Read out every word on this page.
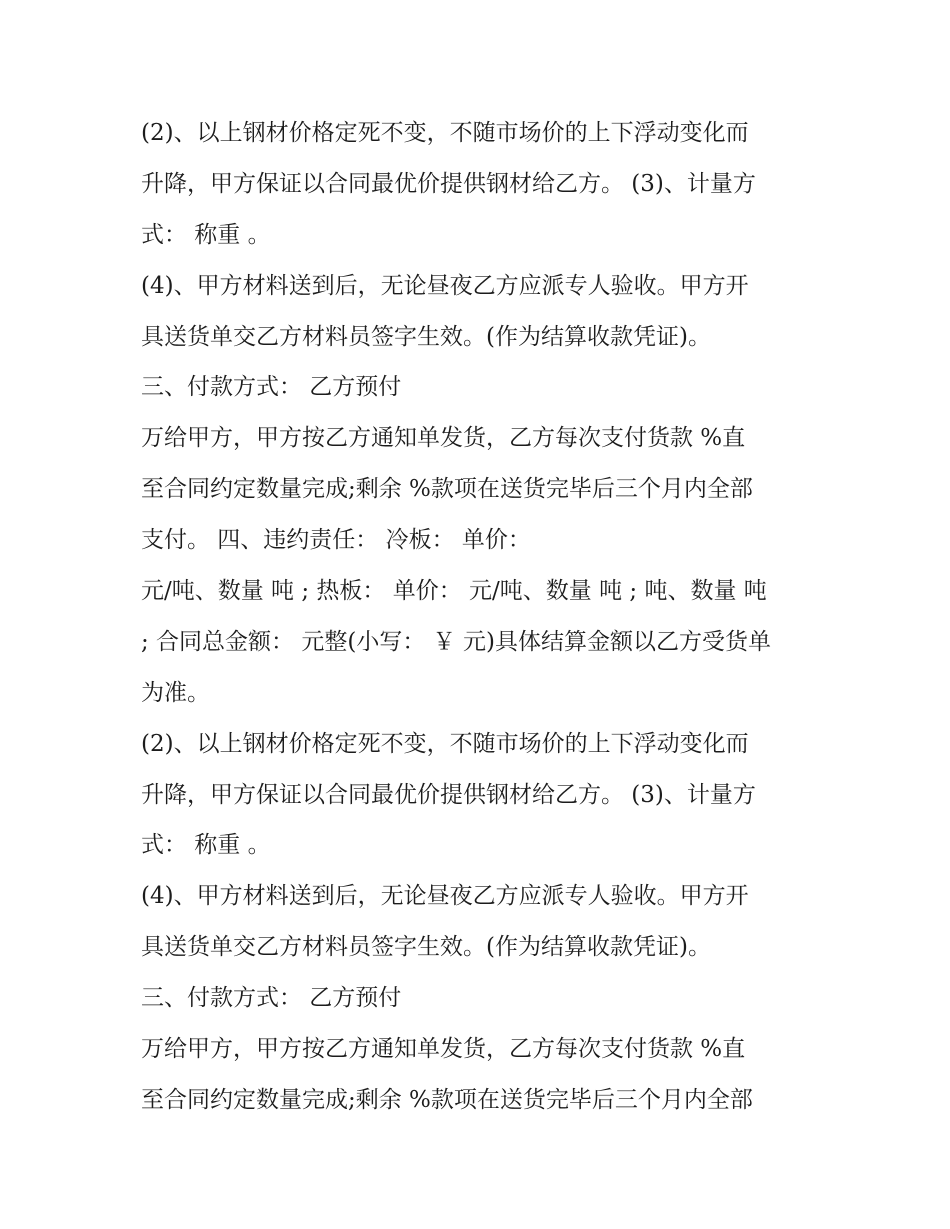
(2)、以上钢材价格定死不变，不随市场价的上下浮动变化而
升降，甲方保证以合同最优价提供钢材给乙方。 (3)、计量方
式： 称重 。
(4)、甲方材料送到后，无论昼夜乙方应派专人验收。甲方开
具送货单交乙方材料员签字生效。(作为结算收款凭证)。
三、付款方式： 乙方预付
万给甲方，甲方按乙方通知单发货，乙方每次支付货款 %直
至合同约定数量完成;剩余 %款项在送货完毕后三个月内全部
支付。 四、违约责任： 冷板： 单价：
元/吨、数量 吨 ; 热板： 单价： 元/吨、数量 吨 ; 吨、数量 吨
; 合同总金额： 元整(小写： ￥ 元)具体结算金额以乙方受货单
为准。
(2)、以上钢材价格定死不变，不随市场价的上下浮动变化而
升降，甲方保证以合同最优价提供钢材给乙方。 (3)、计量方
式： 称重 。
(4)、甲方材料送到后，无论昼夜乙方应派专人验收。甲方开
具送货单交乙方材料员签字生效。(作为结算收款凭证)。
三、付款方式： 乙方预付
万给甲方，甲方按乙方通知单发货，乙方每次支付货款 %直
至合同约定数量完成;剩余 %款项在送货完毕后三个月内全部
